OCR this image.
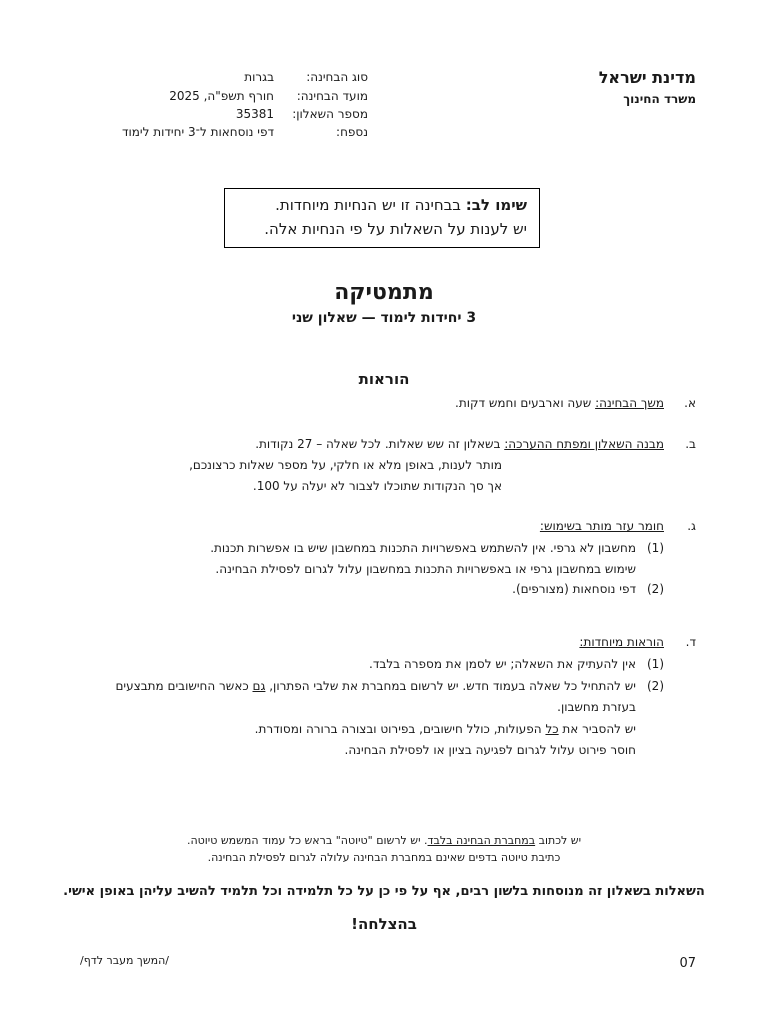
מדינת ישראל
משרד החינוך
סוג הבחינה:
בגרות
מועד הבחינה:
חורף תשפ"ה, 2025
מספר השאלון:
35381
נספח:
דפי נוסחאות ל־3 יחידות לימוד
שימו לב: בבחינה זו יש הנחיות מיוחדות.
יש לענות על השאלות על פי הנחיות אלה.
מתמטיקה
3 יחידות לימוד — שאלון שני
הוראות
א.
משך הבחינה: שעה וארבעים וחמש דקות.
ב.
מבנה השאלון ומפתח ההערכה: בשאלון זה שש שאלות. לכל שאלה – 27 נקודות.
מותר לענות, באופן מלא או חלקי, על מספר שאלות כרצונכם,
אך סך הנקודות שתוכלו לצבור לא יעלה על 100.
ג.
חומר עזר מותר בשימוש:
(1)
מחשבון לא גרפי. אין להשתמש באפשרויות התכנות במחשבון שיש בו אפשרות תכנות.
שימוש במחשבון גרפי או באפשרויות התכנות במחשבון עלול לגרום לפסילת הבחינה.
(2)
דפי נוסחאות (מצורפים).
ד.
הוראות מיוחדות:
(1)
אין להעתיק את השאלה; יש לסמן את מספרה בלבד.
(2)
יש להתחיל כל שאלה בעמוד חדש. יש לרשום במחברת את שלבי הפתרון, גם כאשר החישובים מתבצעים
בעזרת מחשבון.
יש להסביר את כל הפעולות, כולל חישובים, בפירוט ובצורה ברורה ומסודרת.
חוסר פירוט עלול לגרום לפגיעה בציון או לפסילת הבחינה.
יש לכתוב במחברת הבחינה בלבד. יש לרשום "טיוטה" בראש כל עמוד המשמש טיוטה.
כתיבת טיוטה בדפים שאינם במחברת הבחינה עלולה לגרום לפסילת הבחינה.
השאלות בשאלון זה מנוסחות בלשון רבים, אף על פי כן על כל תלמידה וכל תלמיד להשיב עליהן באופן אישי.
בהצלחה!
07
/המשך מעבר לדף/
